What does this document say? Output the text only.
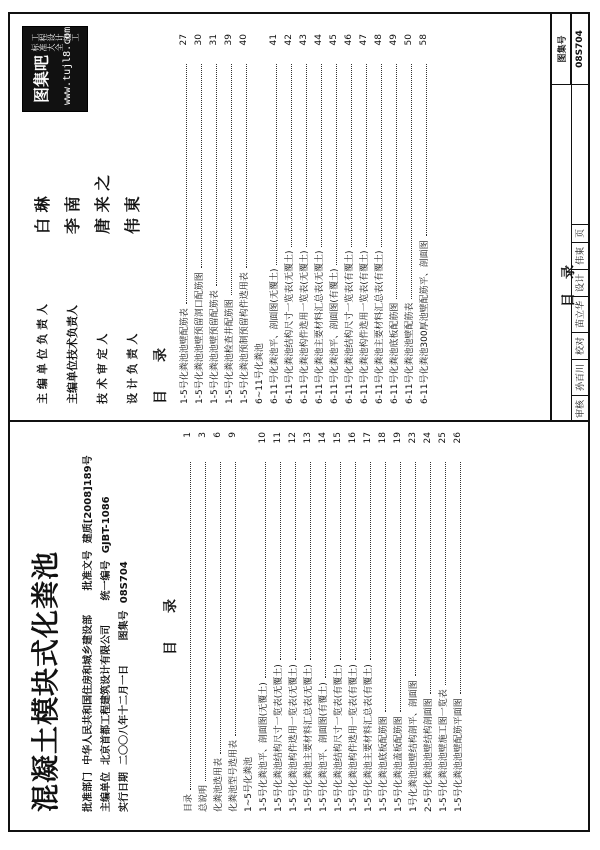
混凝土模块式化粪池	批准部门 中华人民共和国住房和城乡建设部  批准文号 建质[2008]189号
主编单位 北京首都工程建筑设计有限公司  统一编号 GJBT-1086
实行日期 二〇〇八年十二月一日  图集号 08S704
目　　录
目录
1
总说明
3
化粪池选用表
6
化粪池型号选用表
9
1~5号化粪池 1-5号化粪池平、剖面图(无覆土)
10
1-5号化粪池结构尺寸一览表(无覆土)
11
1-5号化粪池构件选用一览表(无覆土)
12
1-5号化粪池主要材料汇总表(无覆土)
13
1-5号化粪池平、剖面图(有覆土)
14
1-5号化粪池结构尺寸一览表(有覆土)
15
1-5号化粪池构件选用一览表(有覆土)
16
1-5号化粪池主要材料汇总表(有覆土)
17
1-5号化粪池底板配筋图
18
1-5号化粪池盖板配筋图
19
1号化粪池池壁结构剖平、剖面图
23
2-5号化粪池池壁结构剖面图
24
1-5号化粪池池壁施工图一览表
25
1-5号化粪池池壁配筋平面图
26
主 编 单 位 负 责 人
白 琳
主编单位技术负责人
李 南
技 术 审 定 人
唐 来 之
设 计 负 责 人
伟 東
图集吧 www.tujl8.com
工程设计施工 标准大全
目　　录	1-5号化粪池池壁配筋表
27
1-5号化粪池池壁预留洞口配筋图
30
1-5号化粪池池壁预留配筋表
31
1-5号化粪池检查井配筋图
39
1-5号化粪池预制预留构件选用表
40
6~11号化粪池 6-11号化粪池平、剖面图(无覆土)
41
6-11号化粪池结构尺寸一览表(无覆土)
42
6-11号化粪池构件选用一览表(无覆土)
43
6-11号化粪池主要材料汇总表(无覆土)
44
6-11号化粪池平、剖面图(有覆土)
45
6-11号化粪池结构尺寸一览表(有覆土)
46
6-11号化粪池构件选用一览表(有覆土)
47
6-11号化粪池主要材料汇总表(有覆土)
48
6-11号化粪池底板配筋图
49
6-11号化粪池池壁配筋表
50
6-11号化粪池300厚池壁配筋平、剖面图
58
目　录
审核
孙百川
校对
苗立华
设计
伟東
页
图集号 08S704
